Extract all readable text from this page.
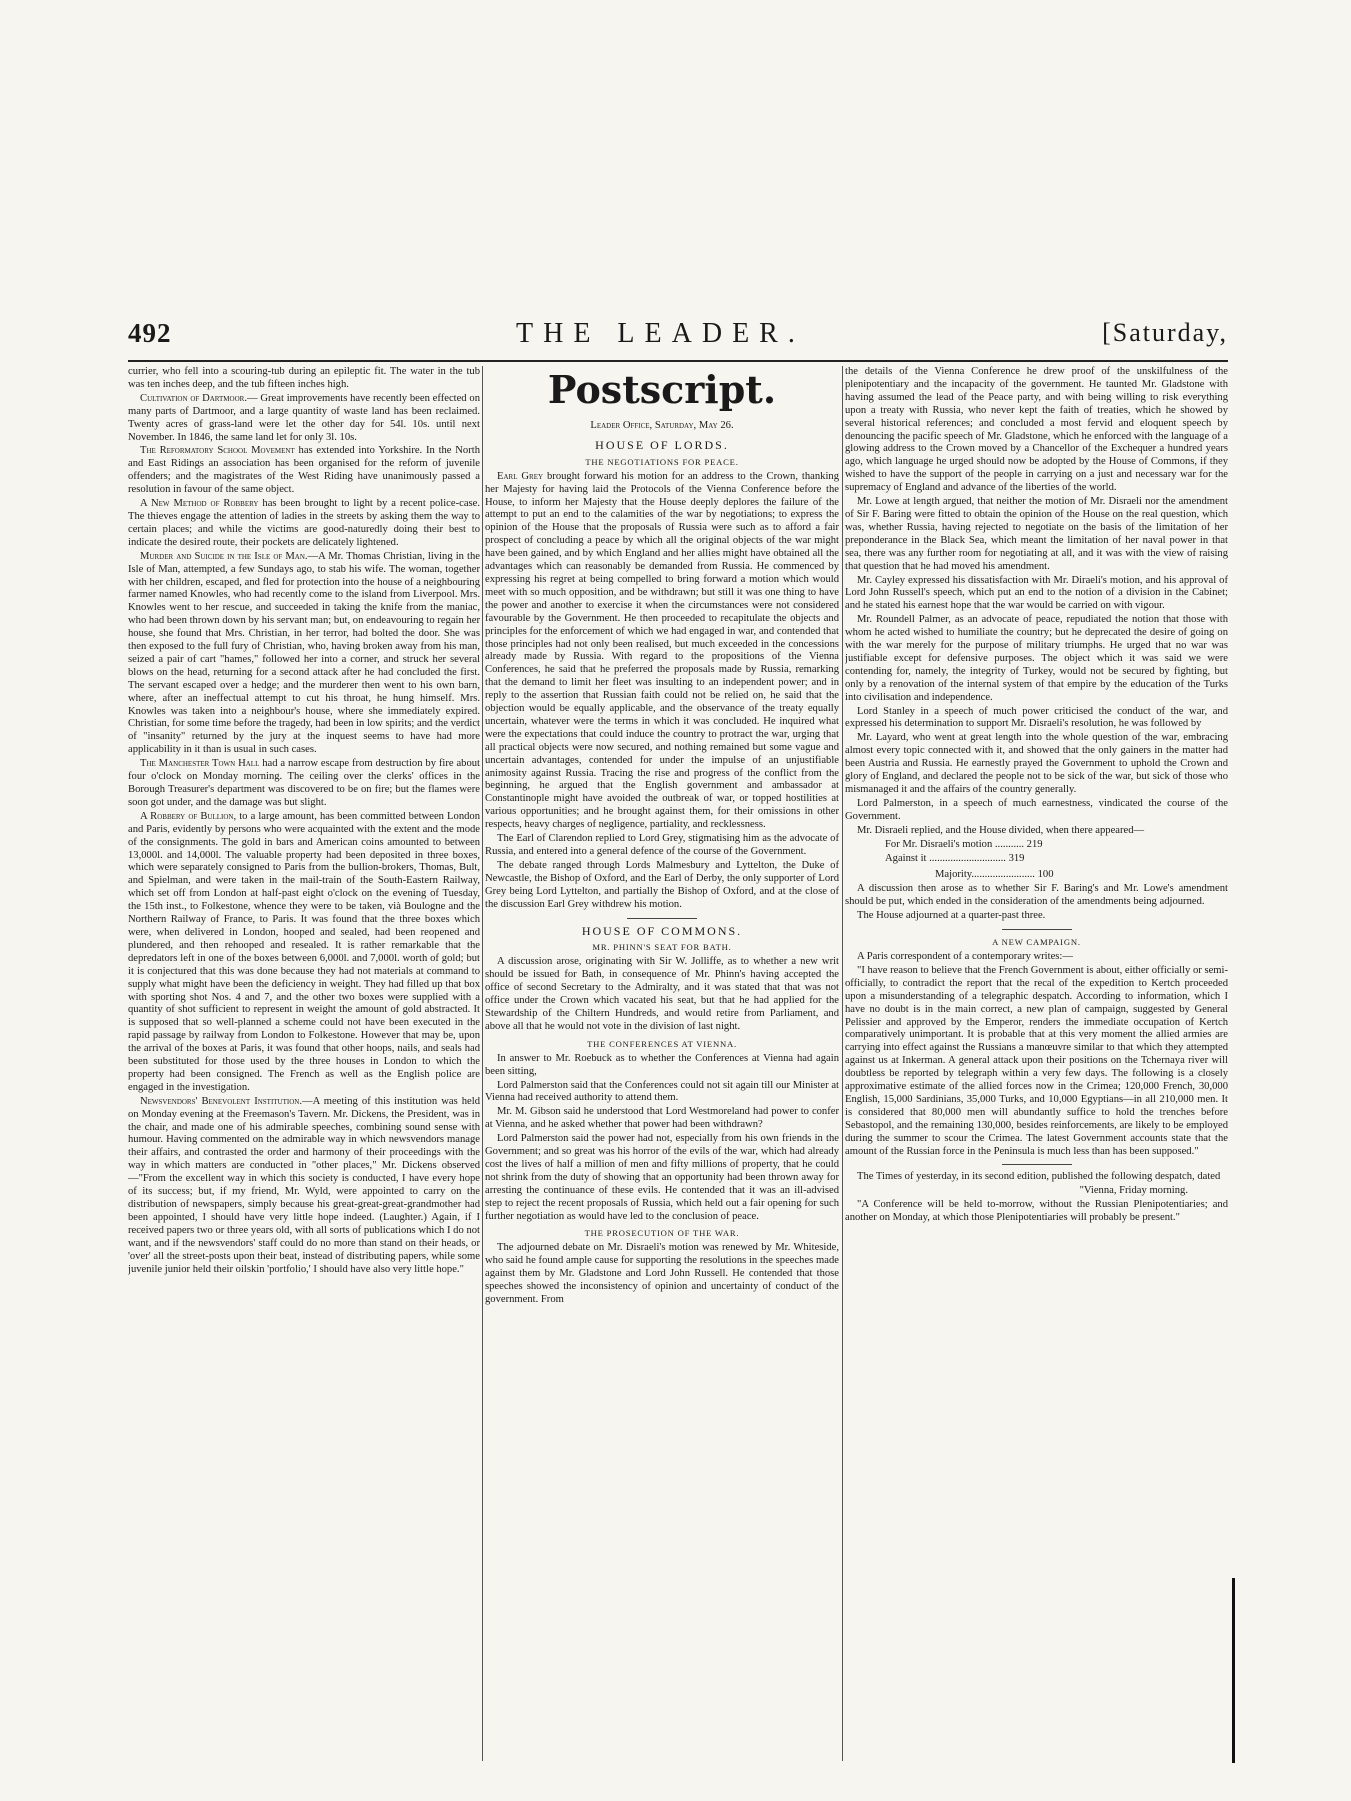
492	THE LEADER.	[Saturday,

currier, who fell into a scouring-tub during an epileptic fit. The water in the tub was ten inches deep, and the tub fifteen inches high.

Cultivation of Dartmoor.— Great improvements have recently been effected on many parts of Dartmoor, and a large quantity of waste land has been reclaimed. Twenty acres of grass-land were let the other day for 54l. 10s. until next November. In 1846, the same land let for only 3l. 10s.

The Reformatory School Movement has extended into Yorkshire. In the North and East Ridings an association has been organised for the reform of juvenile offenders; and the magistrates of the West Riding have unanimously passed a resolution in favour of the same object.

A New Method of Robbery has been brought to light by a recent police-case. The thieves engage the attention of ladies in the streets by asking them the way to certain places; and while the victims are good-naturedly doing their best to indicate the desired route, their pockets are delicately lightened.

Murder and Suicide in the Isle of Man.—A Mr. Thomas Christian, living in the Isle of Man, attempted, a few Sundays ago, to stab his wife. The woman, together with her children, escaped, and fled for protection into the house of a neighbouring farmer named Knowles, who had recently come to the island from Liverpool. Mrs. Knowles went to her rescue, and succeeded in taking the knife from the maniac, who had been thrown down by his servant man; but, on endeavouring to regain her house, she found that Mrs. Christian, in her terror, had bolted the door. She was then exposed to the full fury of Christian, who, having broken away from his man, seized a pair of cart "hames," followed her into a corner, and struck her several blows on the head, returning for a second attack after he had concluded the first. The servant escaped over a hedge; and the murderer then went to his own barn, where, after an ineffectual attempt to cut his throat, he hung himself. Mrs. Knowles was taken into a neighbour's house, where she immediately expired. Christian, for some time before the tragedy, had been in low spirits; and the verdict of "insanity" returned by the jury at the inquest seems to have had more applicability in it than is usual in such cases.

The Manchester Town Hall had a narrow escape from destruction by fire about four o'clock on Monday morning. The ceiling over the clerks' offices in the Borough Treasurer's department was discovered to be on fire; but the flames were soon got under, and the damage was but slight.

A Robbery of Bullion, to a large amount, has been committed between London and Paris, evidently by persons who were acquainted with the extent and the mode of the consignments. The gold in bars and American coins amounted to between 13,000l. and 14,000l. The valuable property had been deposited in three boxes, which were separately consigned to Paris from the bullion-brokers, Thomas, Bult, and Spielman, and were taken in the mail-train of the South-Eastern Railway, which set off from London at half-past eight o'clock on the evening of Tuesday, the 15th inst., to Folkestone, whence they were to be taken, vià Boulogne and the Northern Railway of France, to Paris. It was found that the three boxes which were, when delivered in London, hooped and sealed, had been reopened and plundered, and then rehooped and resealed. It is rather remarkable that the depredators left in one of the boxes between 6,000l. and 7,000l. worth of gold; but it is conjectured that this was done because they had not materials at command to supply what might have been the deficiency in weight. They had filled up that box with sporting shot Nos. 4 and 7, and the other two boxes were supplied with a quantity of shot sufficient to represent in weight the amount of gold abstracted. It is supposed that so well-planned a scheme could not have been executed in the rapid passage by railway from London to Folkestone. However that may be, upon the arrival of the boxes at Paris, it was found that other hoops, nails, and seals had been substituted for those used by the three houses in London to which the property had been consigned. The French as well as the English police are engaged in the investigation.

Newsvendors' Benevolent Institution.—A meeting of this institution was held on Monday evening at the Freemason's Tavern. Mr. Dickens, the President, was in the chair, and made one of his admirable speeches, combining sound sense with humour. Having commented on the admirable way in which newsvendors manage their affairs, and contrasted the order and harmony of their proceedings with the way in which matters are conducted in "other places," Mr. Dickens observed—"From the excellent way in which this society is conducted, I have every hope of its success; but, if my friend, Mr. Wyld, were appointed to carry on the distribution of newspapers, simply because his great-great-great-grandmother had been appointed, I should have very little hope indeed. (Laughter.) Again, if I received papers two or three years old, with all sorts of publications which I do not want, and if the newsvendors' staff could do no more than stand on their heads, or 'over' all the street-posts upon their beat, instead of distributing papers, while some juvenile junior held their oilskin 'portfolio,' I should have also very little hope."

Postscript.

Leader Office, Saturday, May 26.

HOUSE OF LORDS.

THE NEGOTIATIONS FOR PEACE.

Earl Grey brought forward his motion for an address to the Crown, thanking her Majesty for having laid the Protocols of the Vienna Conference before the House, to inform her Majesty that the House deeply deplores the failure of the attempt to put an end to the calamities of the war by negotiations; to express the opinion of the House that the proposals of Russia were such as to afford a fair prospect of concluding a peace by which all the original objects of the war might have been gained, and by which England and her allies might have obtained all the advantages which can reasonably be demanded from Russia. He commenced by expressing his regret at being compelled to bring forward a motion which would meet with so much opposition, and be withdrawn; but still it was one thing to have the power and another to exercise it when the circumstances were not considered favourable by the Government. He then proceeded to recapitulate the objects and principles for the enforcement of which we had engaged in war, and contended that those principles had not only been realised, but much exceeded in the concessions already made by Russia. With regard to the propositions of the Vienna Conferences, he said that he preferred the proposals made by Russia, remarking that the demand to limit her fleet was insulting to an independent power; and in reply to the assertion that Russian faith could not be relied on, he said that the objection would be equally applicable, and the observance of the treaty equally uncertain, whatever were the terms in which it was concluded. He inquired what were the expectations that could induce the country to protract the war, urging that all practical objects were now secured, and nothing remained but some vague and uncertain advantages, contended for under the impulse of an unjustifiable animosity against Russia. Tracing the rise and progress of the conflict from the beginning, he argued that the English government and ambassador at Constantinople might have avoided the outbreak of war, or topped hostilities at various opportunities; and he brought against them, for their omissions in other respects, heavy charges of negligence, partiality, and recklessness.

The Earl of Clarendon replied to Lord Grey, stigmatising him as the advocate of Russia, and entered into a general defence of the course of the Government.

The debate ranged through Lords Malmesbury and Lyttelton, the Duke of Newcastle, the Bishop of Oxford, and the Earl of Derby, the only supporter of Lord Grey being Lord Lyttelton, and partially the Bishop of Oxford, and at the close of the discussion Earl Grey withdrew his motion.

HOUSE OF COMMONS.

MR. PHINN'S SEAT FOR BATH.

A discussion arose, originating with Sir W. Jolliffe, as to whether a new writ should be issued for Bath, in consequence of Mr. Phinn's having accepted the office of second Secretary to the Admiralty, and it was stated that that was not office under the Crown which vacated his seat, but that he had applied for the Stewardship of the Chiltern Hundreds, and would retire from Parliament, and above all that he would not vote in the division of last night.

THE CONFERENCES AT VIENNA.

In answer to Mr. Roebuck as to whether the Conferences at Vienna had again been sitting,

Lord Palmerston said that the Conferences could not sit again till our Minister at Vienna had received authority to attend them.

Mr. M. Gibson said he understood that Lord Westmoreland had power to confer at Vienna, and he asked whether that power had been withdrawn?

Lord Palmerston said the power had not, especially from his own friends in the Government; and so great was his horror of the evils of the war, which had already cost the lives of half a million of men and fifty millions of property, that he could not shrink from the duty of showing that an opportunity had been thrown away for arresting the continuance of these evils. He contended that it was an ill-advised step to reject the recent proposals of Russia, which held out a fair opening for such further negotiation as would have led to the conclusion of peace.

THE PROSECUTION OF THE WAR.

The adjourned debate on Mr. Disraeli's motion was renewed by Mr. Whiteside, who said he found ample cause for supporting the resolutions in the speeches made against them by Mr. Gladstone and Lord John Russell. He contended that those speeches showed the inconsistency of opinion and uncertainty of conduct of the government. From

the details of the Vienna Conference he drew proof of the unskilfulness of the plenipotentiary and the incapacity of the government. He taunted Mr. Gladstone with having assumed the lead of the Peace party, and with being willing to risk everything upon a treaty with Russia, who never kept the faith of treaties, which he showed by several historical references; and concluded a most fervid and eloquent speech by denouncing the pacific speech of Mr. Gladstone, which he enforced with the language of a glowing address to the Crown moved by a Chancellor of the Exchequer a hundred years ago, which language he urged should now be adopted by the House of Commons, if they wished to have the support of the people in carrying on a just and necessary war for the supremacy of England and advance of the liberties of the world.

Mr. Lowe at length argued, that neither the motion of Mr. Disraeli nor the amendment of Sir F. Baring were fitted to obtain the opinion of the House on the real question, which was, whether Russia, having rejected to negotiate on the basis of the limitation of her preponderance in the Black Sea, which meant the limitation of her naval power in that sea, there was any further room for negotiating at all, and it was with the view of raising that question that he had moved his amendment.

Mr. Cayley expressed his dissatisfaction with Mr. Diraeli's motion, and his approval of Lord John Russell's speech, which put an end to the notion of a division in the Cabinet; and he stated his earnest hope that the war would be carried on with vigour.

Mr. Roundell Palmer, as an advocate of peace, repudiated the notion that those with whom he acted wished to humiliate the country; but he deprecated the desire of going on with the war merely for the purpose of military triumphs. He urged that no war was justifiable except for defensive purposes. The object which it was said we were contending for, namely, the integrity of Turkey, would not be secured by fighting, but only by a renovation of the internal system of that empire by the education of the Turks into civilisation and independence.

Lord Stanley in a speech of much power criticised the conduct of the war, and expressed his determination to support Mr. Disraeli's resolution, he was followed by

Mr. Layard, who went at great length into the whole question of the war, embracing almost every topic connected with it, and showed that the only gainers in the matter had been Austria and Russia. He earnestly prayed the Government to uphold the Crown and glory of England, and declared the people not to be sick of the war, but sick of those who mismanaged it and the affairs of the country generally.

Lord Palmerston, in a speech of much earnestness, vindicated the course of the Government.

Mr. Disraeli replied, and the House divided, when there appeared—

For Mr. Disraeli's motion ........... 219

Against it ............................. 319

Majority........................ 100

A discussion then arose as to whether Sir F. Baring's and Mr. Lowe's amendment should be put, which ended in the consideration of the amendments being adjourned.

The House adjourned at a quarter-past three.

A NEW CAMPAIGN.

A Paris correspondent of a contemporary writes:—

"I have reason to believe that the French Government is about, either officially or semi-officially, to contradict the report that the recal of the expedition to Kertch proceeded upon a misunderstanding of a telegraphic despatch. According to information, which I have no doubt is in the main correct, a new plan of campaign, suggested by General Pelissier and approved by the Emperor, renders the immediate occupation of Kertch comparatively unimportant. It is probable that at this very moment the allied armies are carrying into effect against the Russians a manœuvre similar to that which they attempted against us at Inkerman. A general attack upon their positions on the Tchernaya river will doubtless be reported by telegraph within a very few days. The following is a closely approximative estimate of the allied forces now in the Crimea; 120,000 French, 30,000 English, 15,000 Sardinians, 35,000 Turks, and 10,000 Egyptians—in all 210,000 men. It is considered that 80,000 men will abundantly suffice to hold the trenches before Sebastopol, and the remaining 130,000, besides reinforcements, are likely to be employed during the summer to scour the Crimea. The latest Government accounts state that the amount of the Russian force in the Peninsula is much less than has been supposed."

The Times of yesterday, in its second edition, published the following despatch, dated

"Vienna, Friday morning.

"A Conference will be held to-morrow, without the Russian Plenipotentiaries; and another on Monday, at which those Plenipotentiaries will probably be present."
